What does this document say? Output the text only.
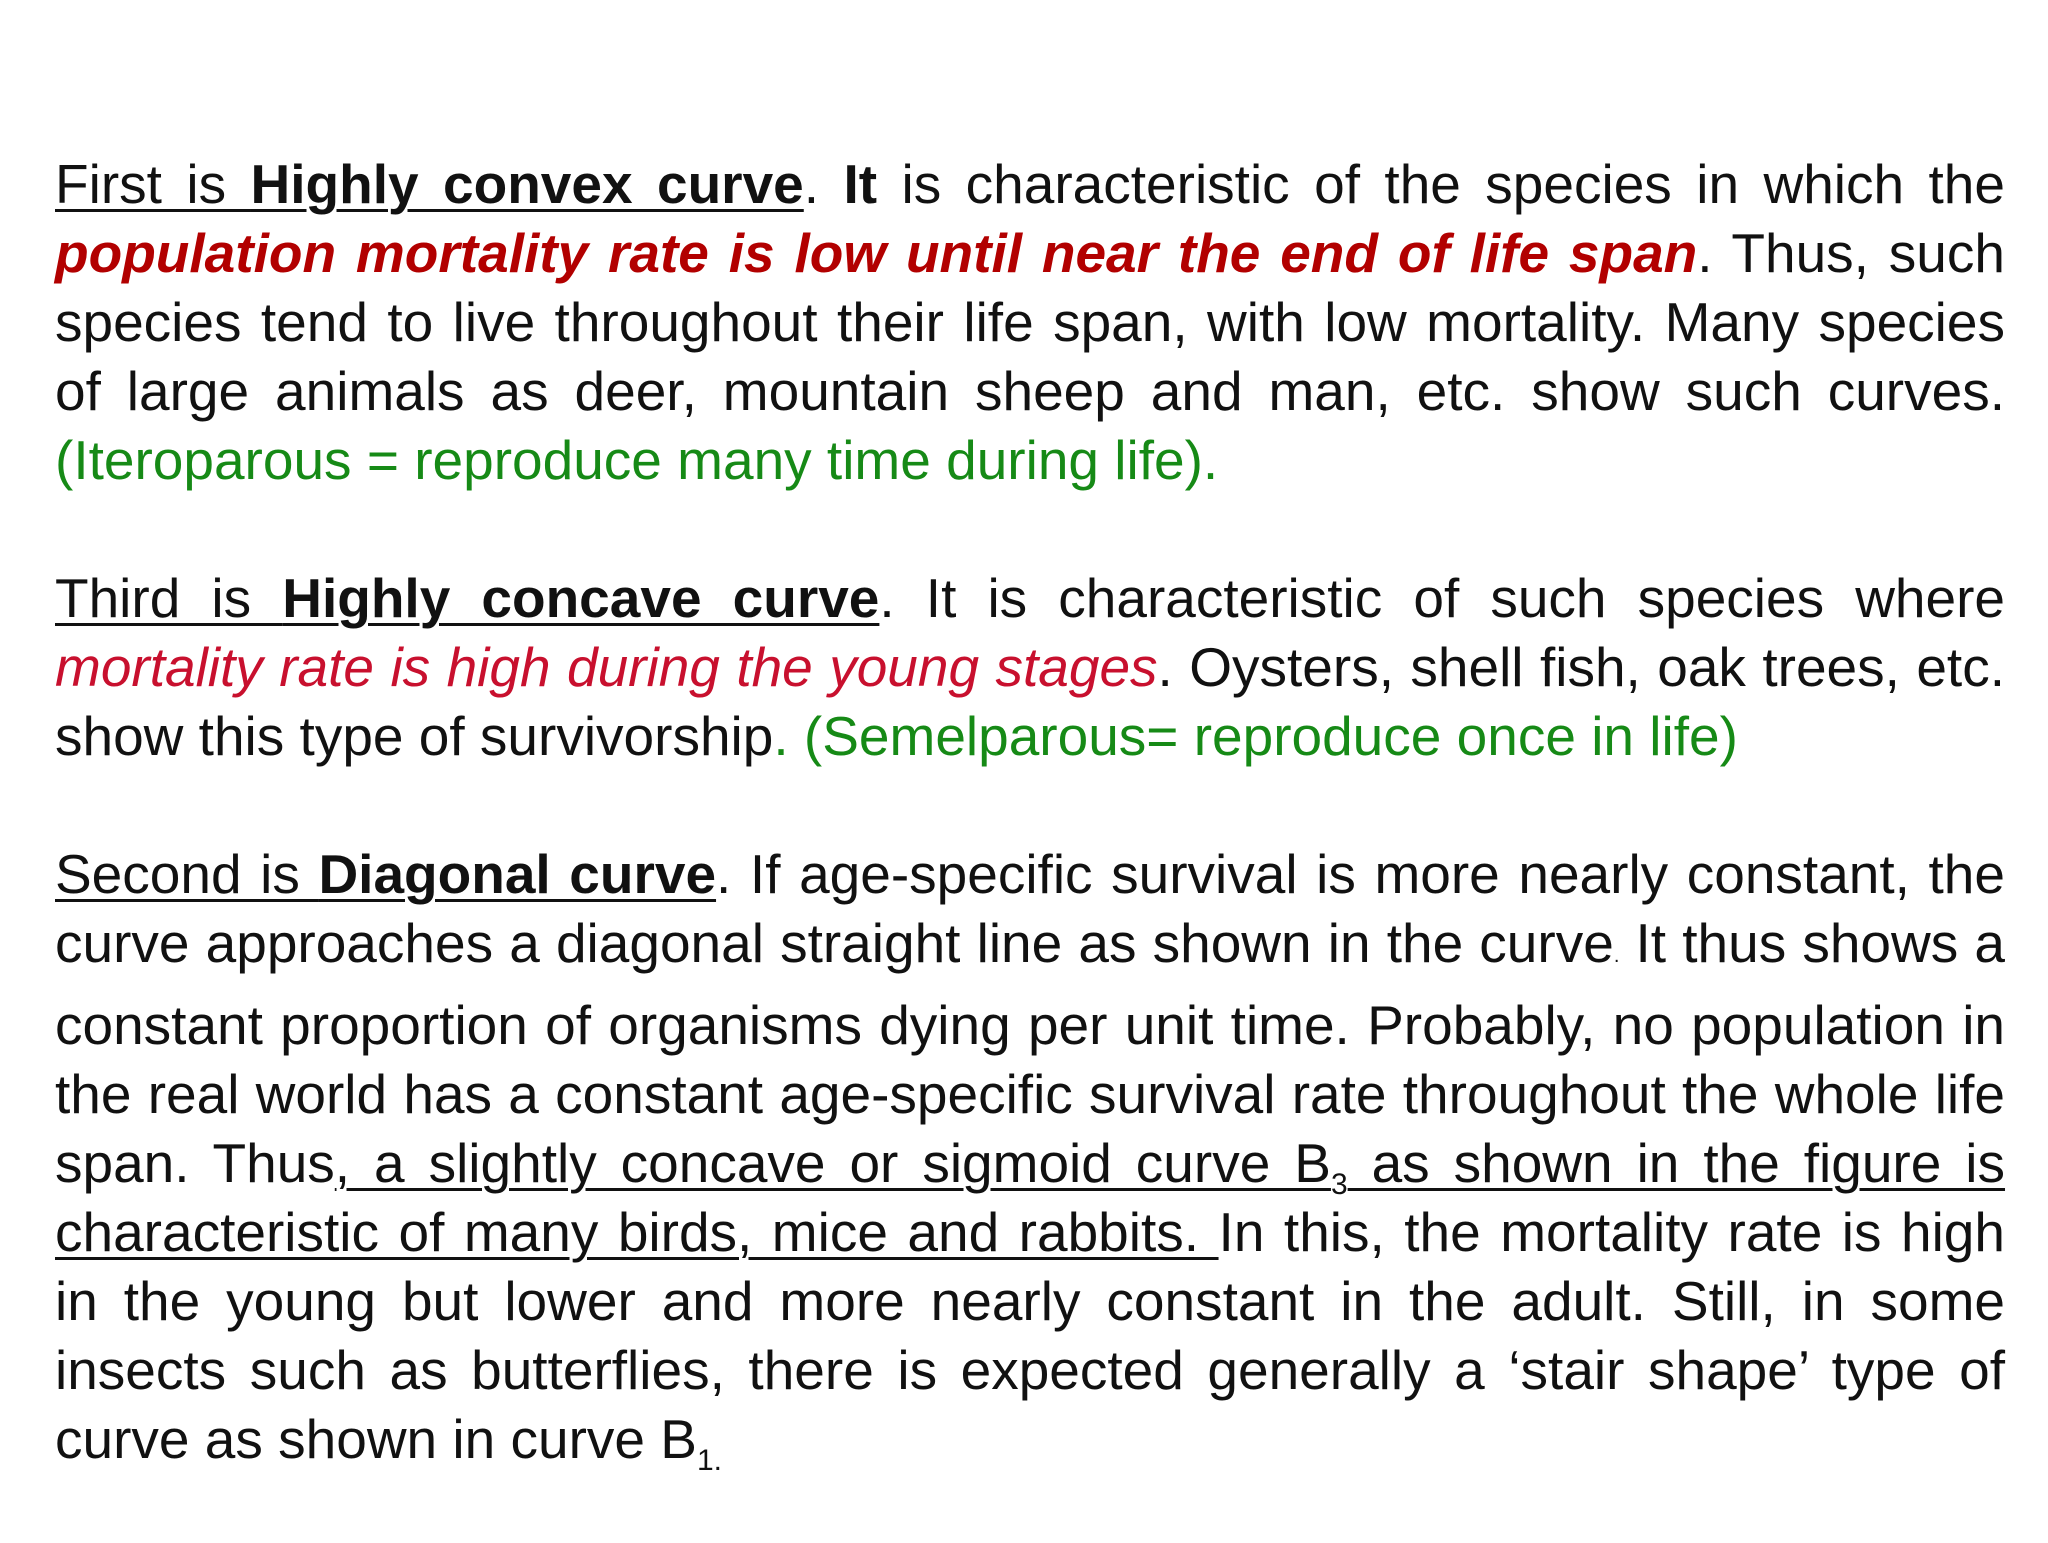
First is Highly convex curve. It is characteristic of the species in which the population mortality rate is low until near the end of life span. Thus, such species tend to live throughout their life span, with low mortality. Many species of large animals as deer, mountain sheep and man, etc. show such curves. (Iteroparous = reproduce many time during life).

Third is Highly concave curve. It is characteristic of such species where mortality rate is high during the young stages. Oysters, shell fish, oak trees, etc. show this type of survivorship. (Semelparous= reproduce once in life)

Second is Diagonal curve. If age-specific survival is more nearly constant, the curve approaches a diagonal straight line as shown in the curve. It thus shows a constant proportion of organisms dying per unit time. Probably, no population in the real world has a constant age-specific survival rate throughout the whole life span. Thus, a slightly concave or sigmoid curve $B_3$ as shown in the figure is characteristic of many birds, mice and rabbits. In this, the mortality rate is high in the young but lower and more nearly constant in the adult. Still, in some insects such as butterflies, there is expected generally a ‘stair shape’ type of curve as shown in curve $B_{1.}$
